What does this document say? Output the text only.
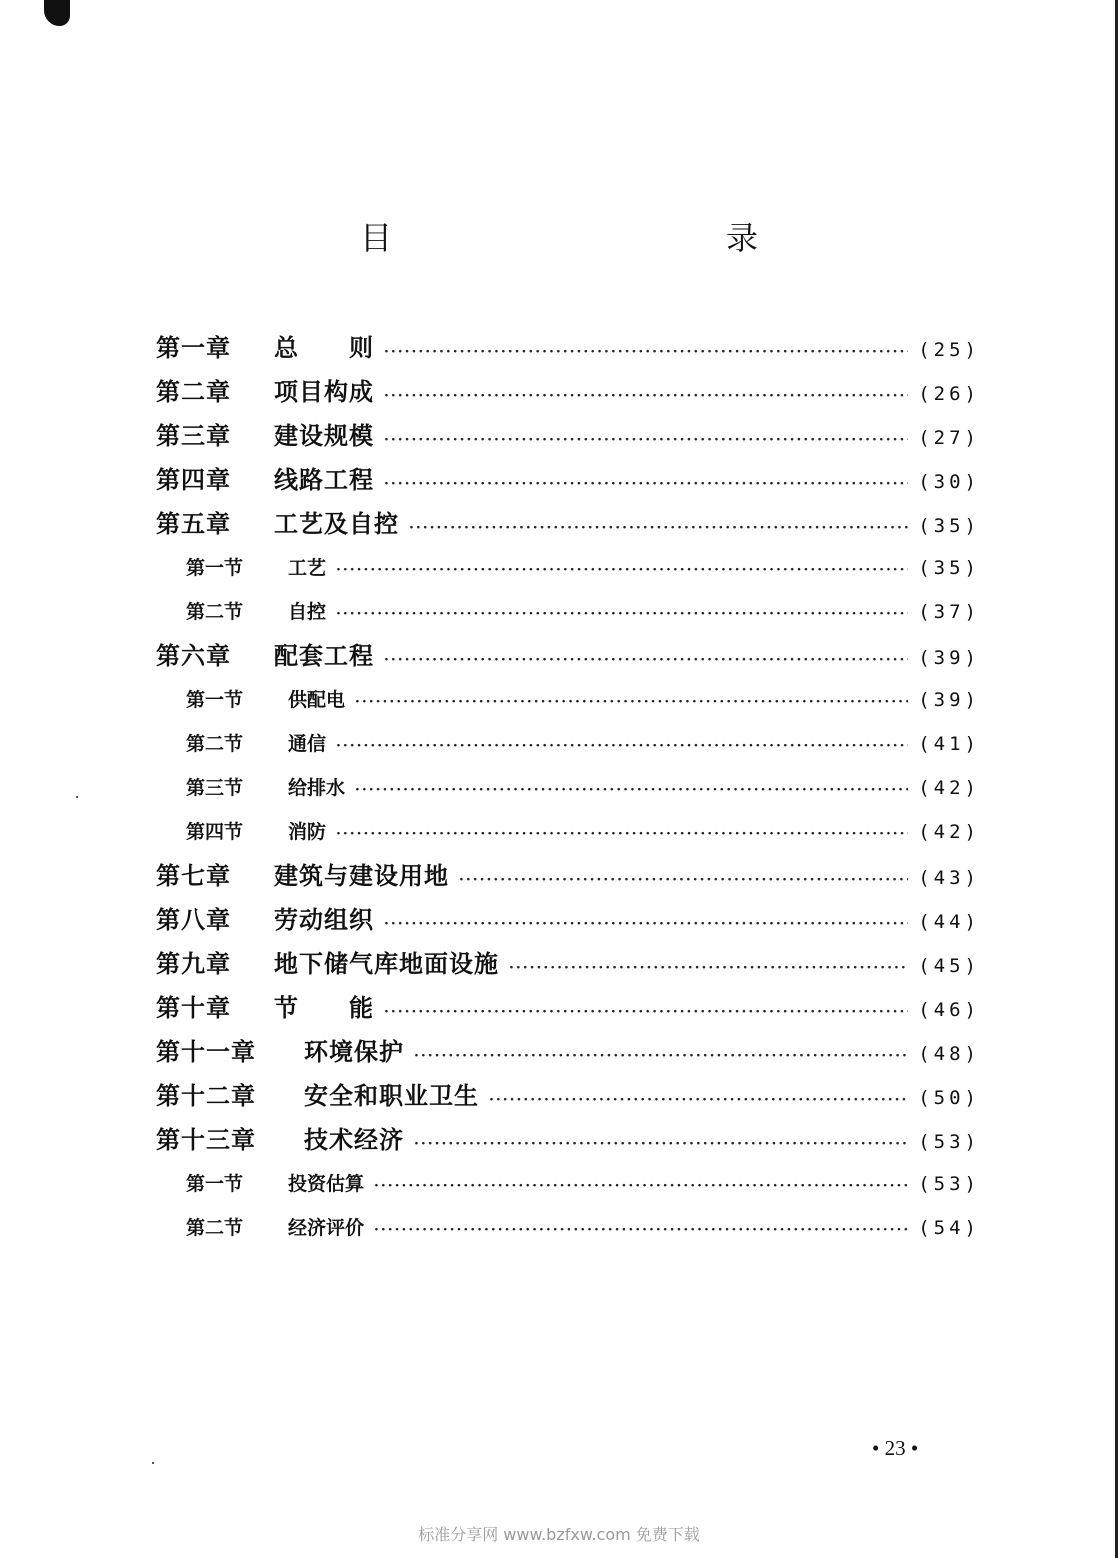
目　　录
第一章	总　　则 ·····	(25)
第二章	项目构成 ·····	(26)
第三章	建设规模 ·····	(27)
第四章	线路工程 ·····	(30)
第五章	工艺及自控 ·····	(35)
第一节	工艺 ·····	(35)
第二节	自控 ·····	(37)
第六章	配套工程 ·····	(39)
第一节	供配电 ·····	(39)
第二节	通信 ·····	(41)
第三节	给排水 ·····	(42)
第四节	消防 ·····	(42)
第七章	建筑与建设用地 ·····	(43)
第八章	劳动组织 ·····	(44)
第九章	地下储气库地面设施 ·····	(45)
第十章	节　　能 ·····	(46)
第十一章	环境保护 ·····	(48)
第十二章	安全和职业卫生 ·····	(50)
第十三章	技术经济 ·····	(53)
第一节	投资估算 ·····	(53)
第二节	经济评价 ·····	(54)
• 23 •
标准分享网 www.bzfxw.com 免费下载
